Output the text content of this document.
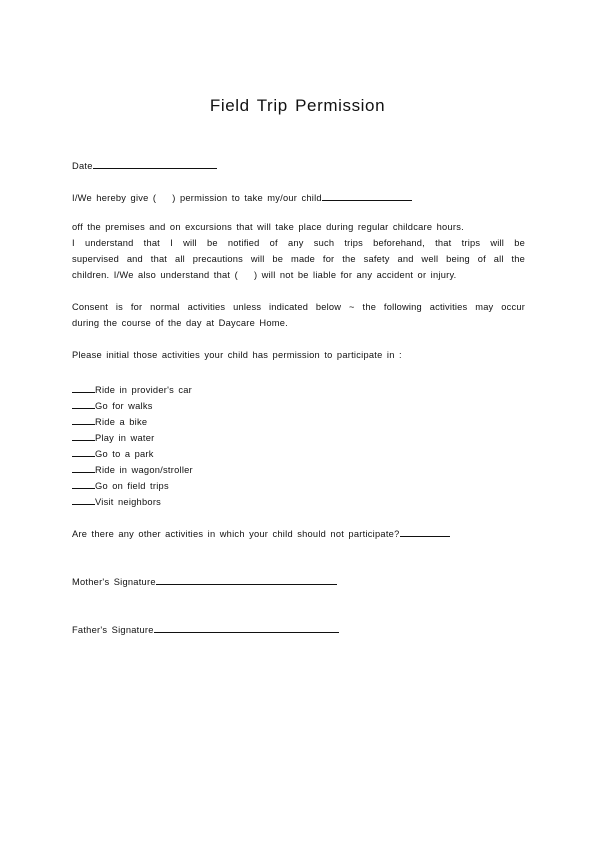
Field Trip Permission
Date
I/We hereby give ( ) permission to take my/our child
off the premises and on excursions that will take place during regular childcare hours.
I understand that I will be notified of any such trips beforehand, that trips will be
supervised and that all precautions will be made for the safety and well being of all the
children. I/We also understand that ( ) will not be liable for any accident or injury.
Consent is for normal activities unless indicated below ~ the following activities may occur
during the course of the day at Daycare Home.
Please initial those activities your child has permission to participate in :
Ride in provider's car
Go for walks
Ride a bike
Play in water
Go to a park
Ride in wagon/stroller
Go on field trips
Visit neighbors
Are there any other activities in which your child should not participate?
Mother's Signature
Father's Signature
